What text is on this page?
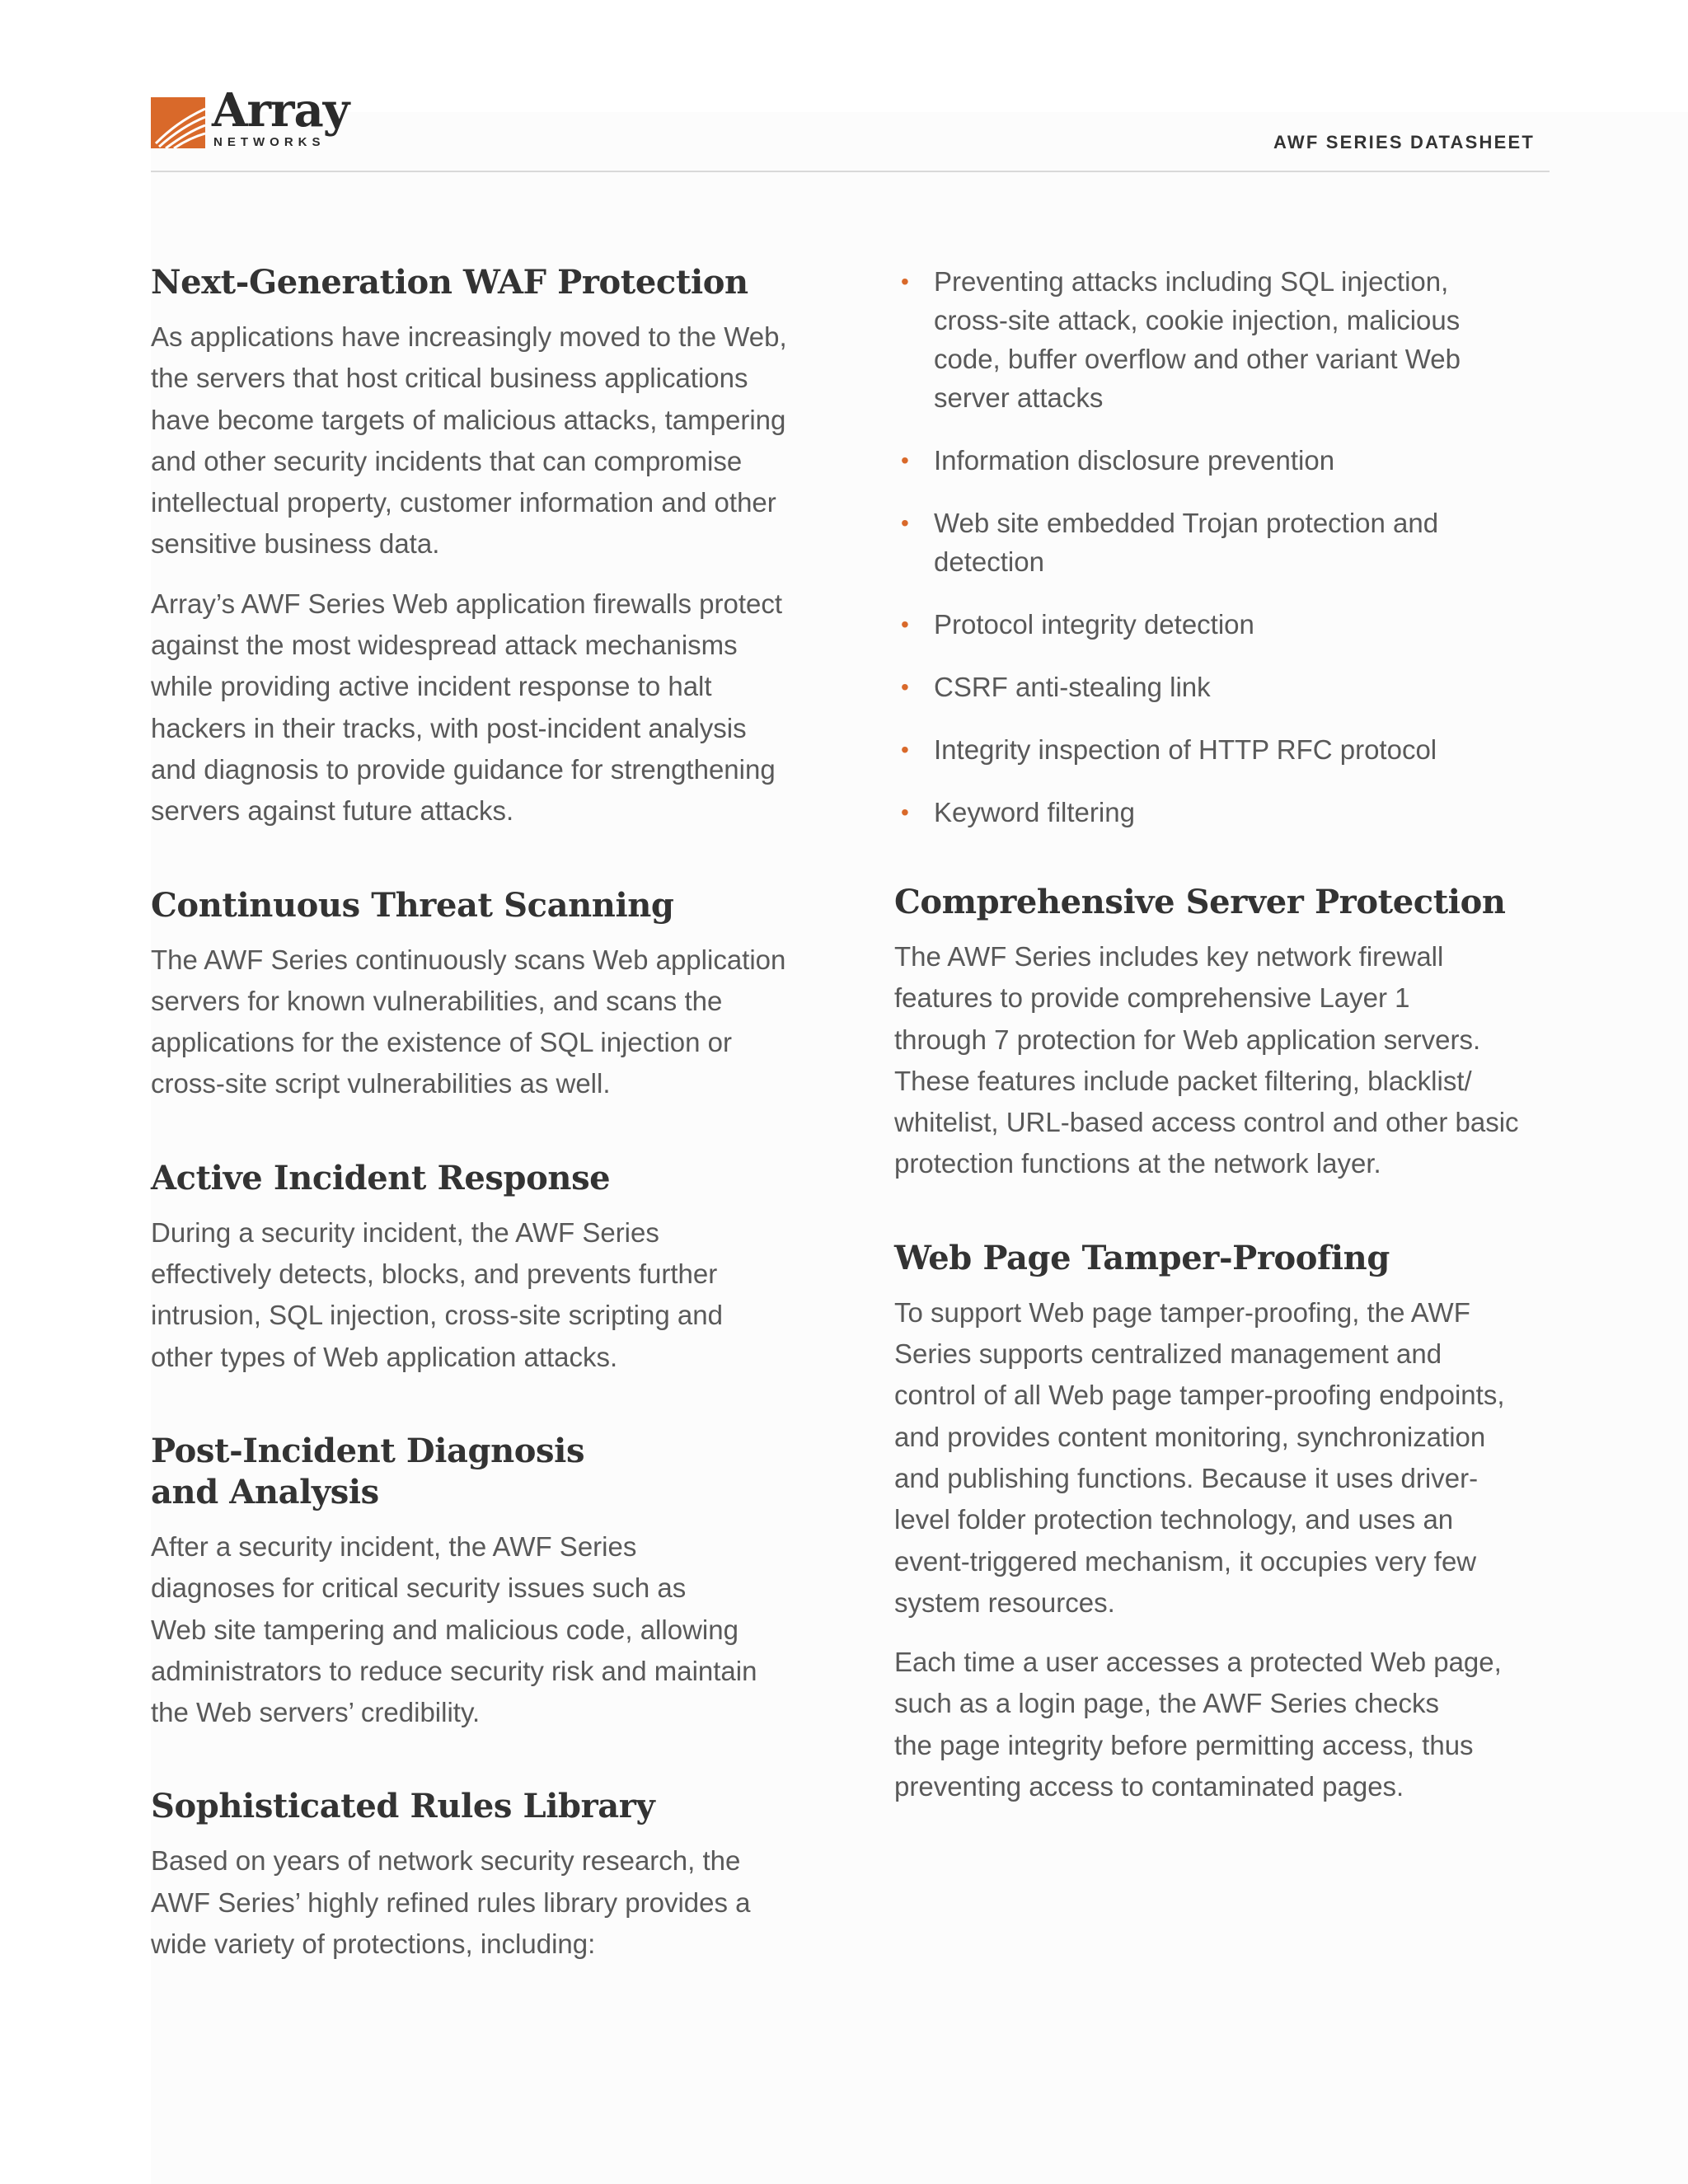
Array
NETWORKS	AWF SERIES DATASHEET
Next-Generation WAF Protection

As applications have increasingly moved to the Web,
the servers that host critical business applications
have become targets of malicious attacks, tampering
and other security incidents that can compromise
intellectual property, customer information and other
sensitive business data.

Array’s AWF Series Web application firewalls protect
against the most widespread attack mechanisms
while providing active incident response to halt
hackers in their tracks, with post-incident analysis
and diagnosis to provide guidance for strengthening
servers against future attacks.

Continuous Threat Scanning

The AWF Series continuously scans Web application
servers for known vulnerabilities, and scans the
applications for the existence of SQL injection or
cross-site script vulnerabilities as well.

Active Incident Response

During a security incident, the AWF Series
effectively detects, blocks, and prevents further
intrusion, SQL injection, cross-site scripting and
other types of Web application attacks.

Post-Incident Diagnosis
and Analysis

After a security incident, the AWF Series
diagnoses for critical security issues such as
Web site tampering and malicious code, allowing
administrators to reduce security risk and maintain
the Web servers’ credibility.

Sophisticated Rules Library

Based on years of network security research, the
AWF Series’ highly refined rules library provides a
wide variety of protections, including:

• Preventing attacks including SQL injection,
cross-site attack, cookie injection, malicious
code, buffer overflow and other variant Web
server attacks
• Information disclosure prevention
• Web site embedded Trojan protection and
detection
• Protocol integrity detection
• CSRF anti-stealing link
• Integrity inspection of HTTP RFC protocol
• Keyword filtering
Comprehensive Server Protection

The AWF Series includes key network firewall
features to provide comprehensive Layer 1
through 7 protection for Web application servers.
These features include packet filtering, blacklist/
whitelist, URL-based access control and other basic
protection functions at the network layer.

Web Page Tamper-Proofing

To support Web page tamper-proofing, the AWF
Series supports centralized management and
control of all Web page tamper-proofing endpoints,
and provides content monitoring, synchronization
and publishing functions. Because it uses driver-
level folder protection technology, and uses an
event-triggered mechanism, it occupies very few
system resources.

Each time a user accesses a protected Web page,
such as a login page, the AWF Series checks
the page integrity before permitting access, thus
preventing access to contaminated pages.
